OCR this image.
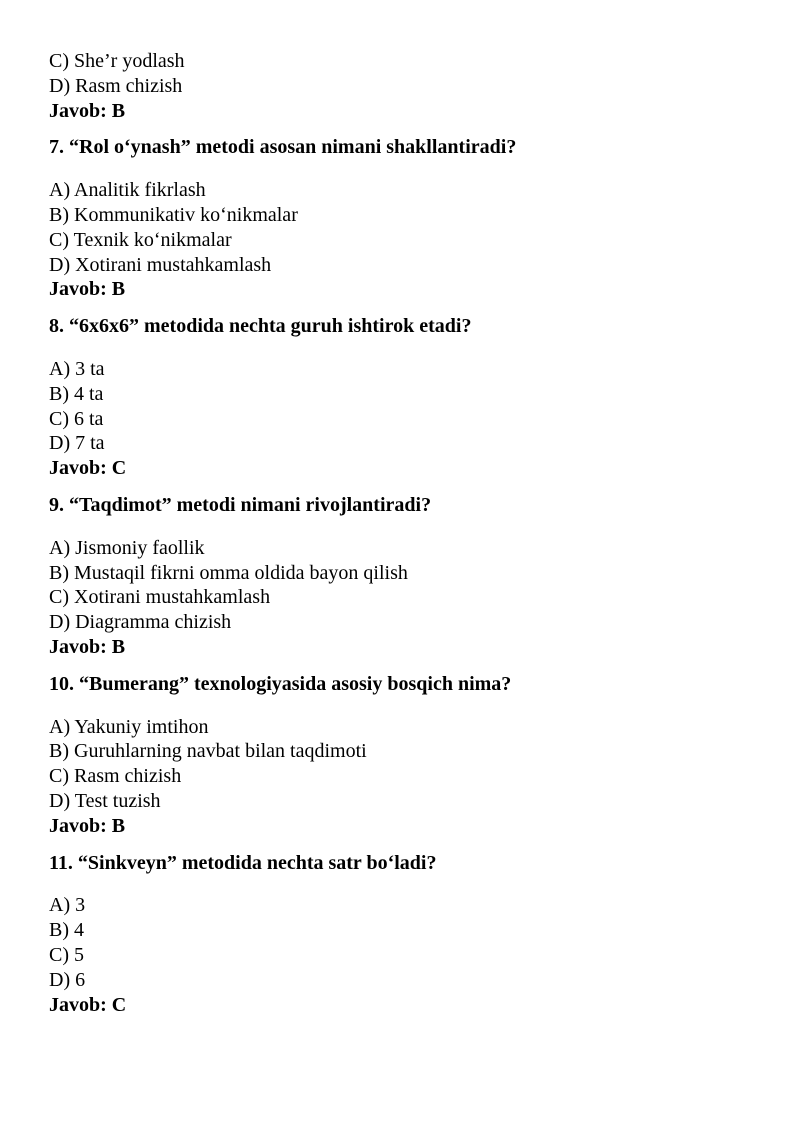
C) She’r yodlash
D) Rasm chizish
Javob: B
7. “Rol o‘ynash” metodi asosan nimani shakllantiradi?
A) Analitik fikrlash
B) Kommunikativ ko‘nikmalar
C) Texnik ko‘nikmalar
D) Xotirani mustahkamlash
Javob: B
8. “6x6x6” metodida nechta guruh ishtirok etadi?
A) 3 ta
B) 4 ta
C) 6 ta
D) 7 ta
Javob: C
9. “Taqdimot” metodi nimani rivojlantiradi?
A) Jismoniy faollik
B) Mustaqil fikrni omma oldida bayon qilish
C) Xotirani mustahkamlash
D) Diagramma chizish
Javob: B
10. “Bumerang” texnologiyasida asosiy bosqich nima?
A) Yakuniy imtihon
B) Guruhlarning navbat bilan taqdimoti
C) Rasm chizish
D) Test tuzish
Javob: B
11. “Sinkveyn” metodida nechta satr bo‘ladi?
A) 3
B) 4
C) 5
D) 6
Javob: C
